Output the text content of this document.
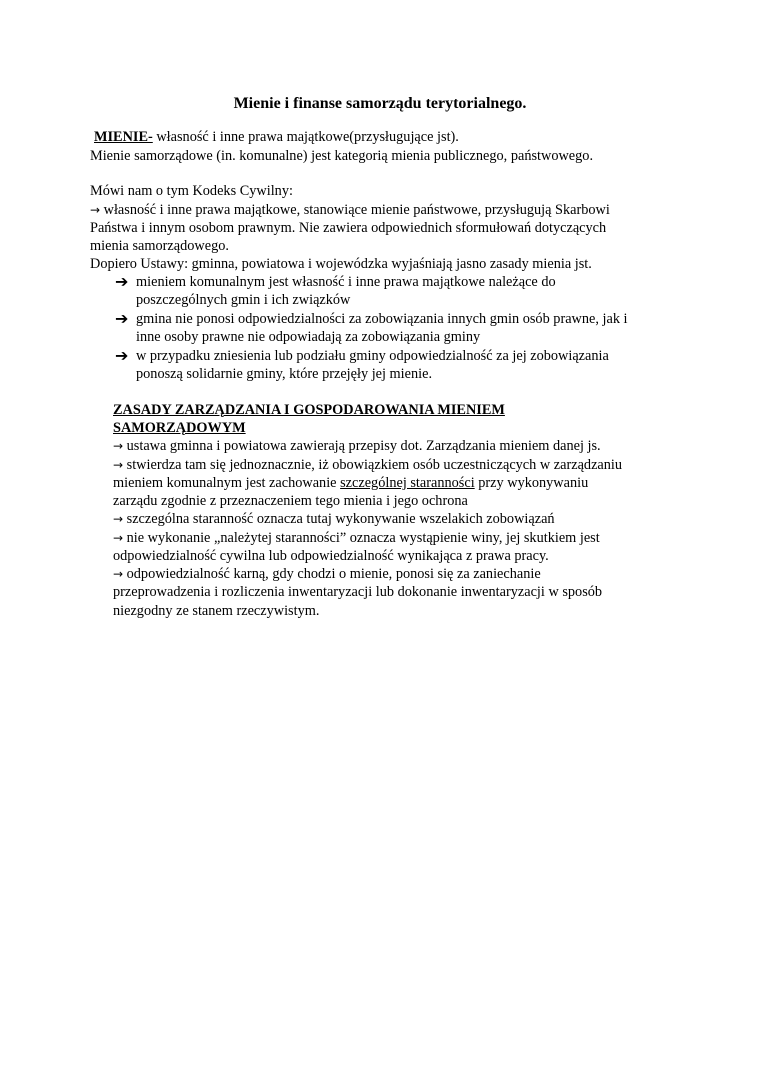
Mienie i finanse samorządu terytorialnego.
MIENIE- własność i inne prawa majątkowe(przysługujące jst).
Mienie samorządowe (in. komunalne) jest kategorią mienia publicznego, państwowego.
Mówi nam o tym Kodeks Cywilny:
→ własność i inne prawa majątkowe, stanowiące mienie państwowe, przysługują Skarbowi
Państwa i innym osobom prawnym. Nie zawiera odpowiednich sformułowań dotyczących
mienia samorządowego.
Dopiero Ustawy: gminna, powiatowa i wojewódzka wyjaśniają jasno zasady mienia jst.
➔ mieniem komunalnym jest własność i inne prawa majątkowe należące do
poszczególnych gmin i ich związków
➔ gmina nie ponosi odpowiedzialności za zobowiązania innych gmin osób prawne, jak i
inne osoby prawne nie odpowiadają za zobowiązania gminy
➔ w przypadku zniesienia lub podziału gminy odpowiedzialność za jej zobowiązania
ponoszą solidarnie gminy, które przejęły jej mienie.
ZASADY ZARZĄDZANIA I GOSPODAROWANIA MIENIEM
SAMORZĄDOWYM
→ ustawa gminna i powiatowa zawierają przepisy dot. Zarządzania mieniem danej js.
→ stwierdza tam się jednoznacznie, iż obowiązkiem osób uczestniczących w zarządzaniu
mieniem komunalnym jest zachowanie szczególnej staranności przy wykonywaniu
zarządu zgodnie z przeznaczeniem tego mienia i jego ochrona
→ szczególna staranność oznacza tutaj wykonywanie wszelakich zobowiązań
→ nie wykonanie „należytej staranności” oznacza wystąpienie winy, jej skutkiem jest
odpowiedzialność cywilna lub odpowiedzialność wynikająca z prawa pracy.
→ odpowiedzialność karną, gdy chodzi o mienie, ponosi się za zaniechanie
przeprowadzenia i rozliczenia inwentaryzacji lub dokonanie inwentaryzacji w sposób
niezgodny ze stanem rzeczywistym.
